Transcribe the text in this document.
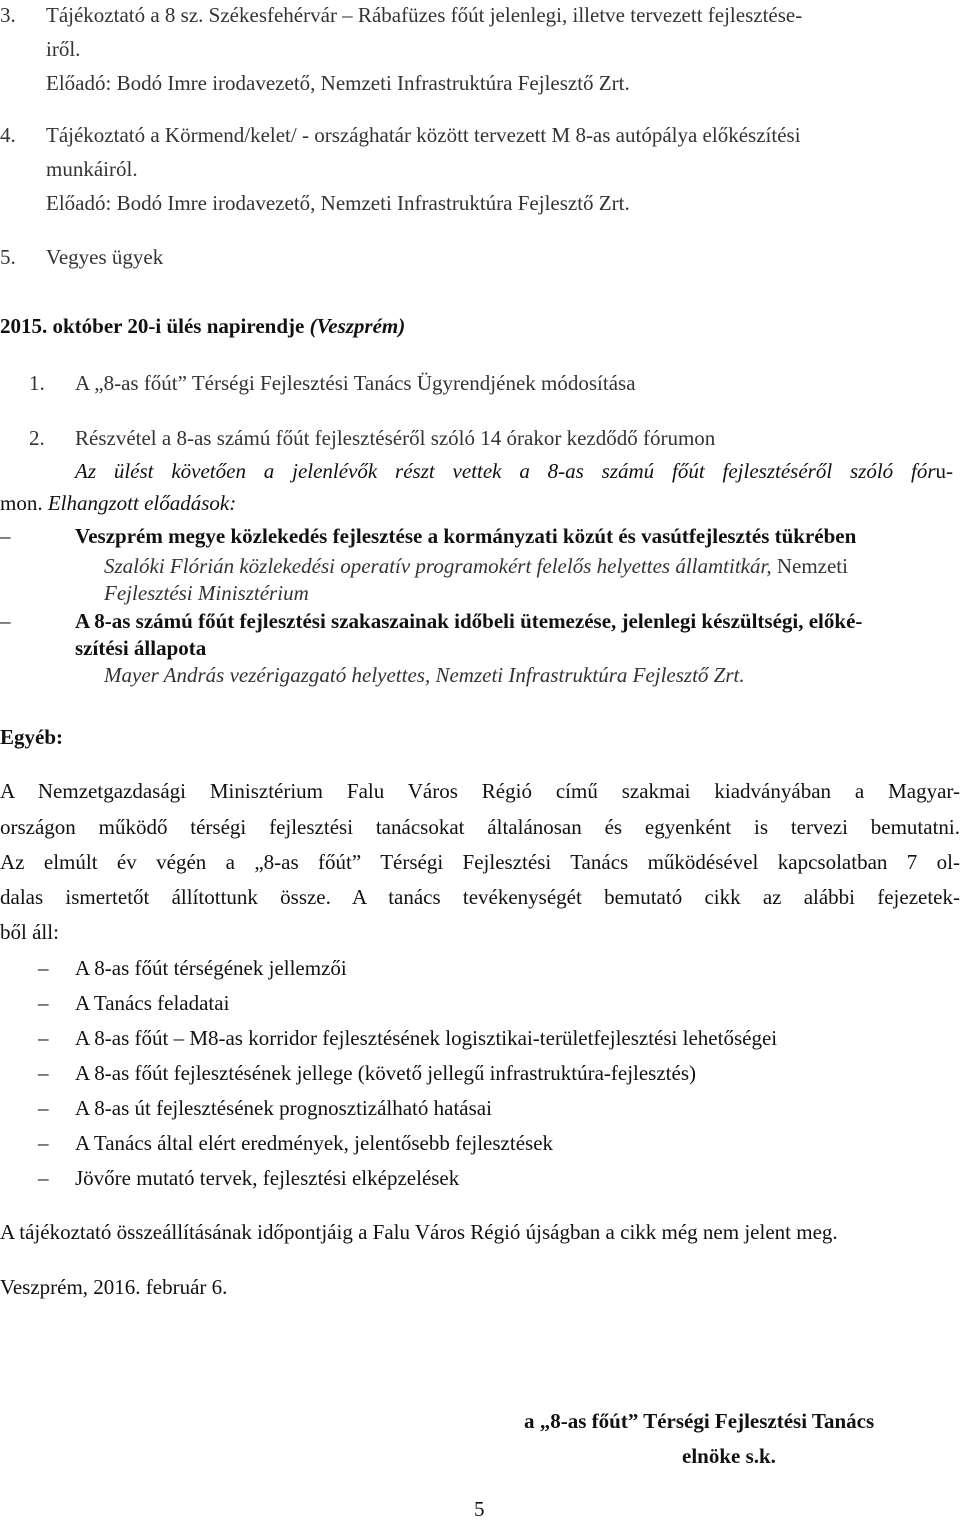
3. Tájékoztató a 8 sz. Székesfehérvár – Rábafüzes főút jelenlegi, illetve tervezett fejlesztése-
iről.
Előadó: Bodó Imre irodavezető, Nemzeti Infrastruktúra Fejlesztő Zrt.
4. Tájékoztató a Körmend/kelet/ - országhatár között tervezett M 8-as autópálya előkészítési
munkáiról.
Előadó: Bodó Imre irodavezető, Nemzeti Infrastruktúra Fejlesztő Zrt.
5. Vegyes ügyek
2015. október 20-i ülés napirendje (Veszprém)
1. A „8-as főút” Térségi Fejlesztési Tanács Ügyrendjének módosítása
2. Részvétel a 8-as számú főút fejlesztéséről szóló 14 órakor kezdődő fórumon
Az ülést követően a jelenlévők részt vettek a 8-as számú főút fejlesztéséről szóló fóru-
mon. Elhangzott előadások:
–	Veszprém megye közlekedés fejlesztése a kormányzati közút és vasútfejlesztés tükrében
Szalóki Flórián közlekedési operatív programokért felelős helyettes államtitkár, Nemzeti
Fejlesztési Minisztérium
–	A 8-as számú főút fejlesztési szakaszainak időbeli ütemezése, jelenlegi készültségi, előké-
szítési állapota
Mayer András vezérigazgató helyettes, Nemzeti Infrastruktúra Fejlesztő Zrt.
Egyéb:
A Nemzetgazdasági Minisztérium Falu Város Régió című szakmai kiadványában a Magyar-
országon működő térségi fejlesztési tanácsokat általánosan és egyenként is tervezi bemutatni.
Az elmúlt év végén a „8-as főút” Térségi Fejlesztési Tanács működésével kapcsolatban 7 ol-
dalas ismertetőt állítottunk össze. A tanács tevékenységét bemutató cikk az alábbi fejezetek-
ből áll:
– A 8-as főút térségének jellemzői
– A Tanács feladatai
– A 8-as főút – M8-as korridor fejlesztésének logisztikai-területfejlesztési lehetőségei
– A 8-as főút fejlesztésének jellege (követő jellegű infrastruktúra-fejlesztés)
– A 8-as út fejlesztésének prognosztizálható hatásai
– A Tanács által elért eredmények, jelentősebb fejlesztések
– Jövőre mutató tervek, fejlesztési elképzelések
A tájékoztató összeállításának időpontjáig a Falu Város Régió újságban a cikk még nem jelent meg.
Veszprém, 2016. február 6.
a „8-as főút” Térségi Fejlesztési Tanács
elnöke s.k.
5
